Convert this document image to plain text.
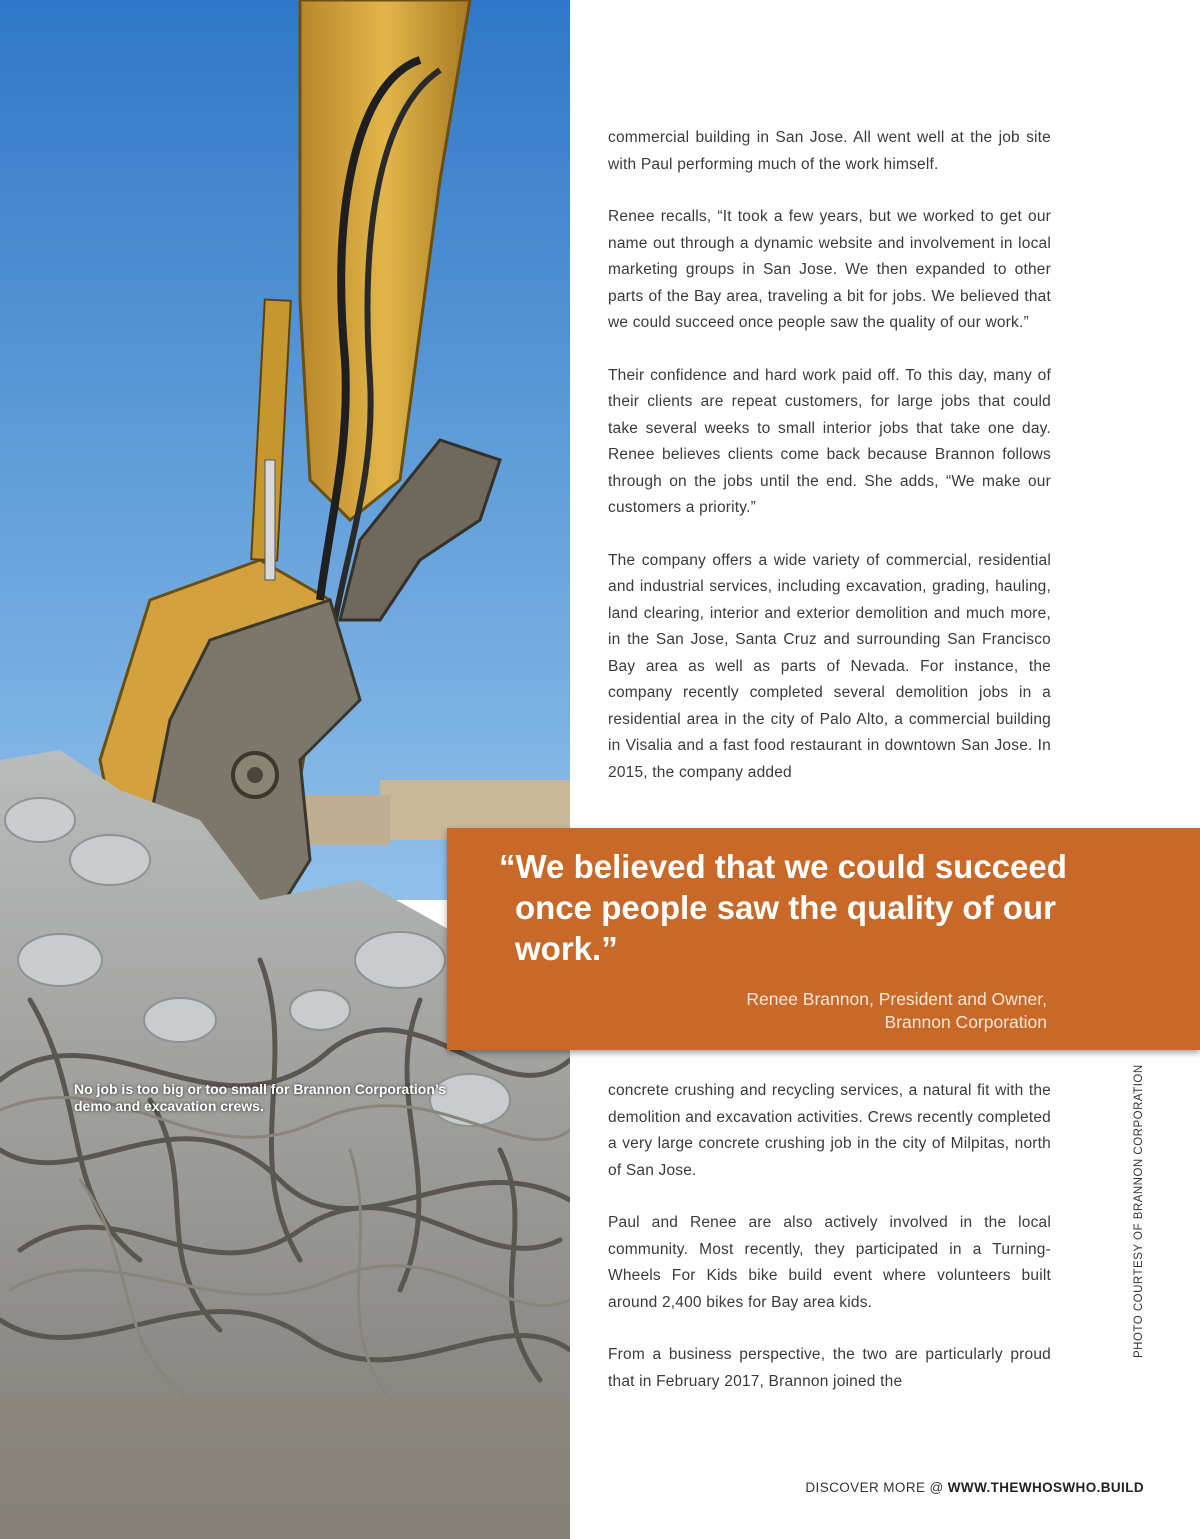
No job is too big or too small for Brannon Corporation’s demo and excavation crews.

commercial building in San Jose. All went well at the job site with Paul performing much of the work himself.

Renee recalls, “It took a few years, but we worked to get our name out through a dynamic website and involvement in local marketing groups in San Jose. We then expanded to other parts of the Bay area, traveling a bit for jobs. We believed that we could succeed once people saw the quality of our work.”

Their confidence and hard work paid off. To this day, many of their clients are repeat customers, for large jobs that could take several weeks to small interior jobs that take one day. Renee believes clients come back because Brannon follows through on the jobs until the end. She adds, “We make our customers a priority.”

The company offers a wide variety of commercial, residential and industrial services, including excavation, grading, hauling, land clearing, interior and exterior demolition and much more, in the San Jose, Santa Cruz and surrounding San Francisco Bay area as well as parts of Nevada. For instance, the company recently completed several demolition jobs in a residential area in the city of Palo Alto, a commercial building in Visalia and a fast food restaurant in downtown San Jose. In 2015, the company added

“We believed that we could succeed once people saw the quality of our work.”
Renee Brannon, President and Owner,
Brannon Corporation

concrete crushing and recycling services, a natural fit with the demolition and excavation activities. Crews recently completed a very large concrete crushing job in the city of Milpitas, north of San Jose.

Paul and Renee are also actively involved in the local community. Most recently, they participated in a Turning-Wheels For Kids bike build event where volunteers built around 2,400 bikes for Bay area kids.

From a business perspective, the two are particularly proud that in February 2017, Brannon joined the

PHOTO COURTESY OF BRANNON CORPORATION
DISCOVER MORE @ WWW.THEWHOSWHO.BUILD
